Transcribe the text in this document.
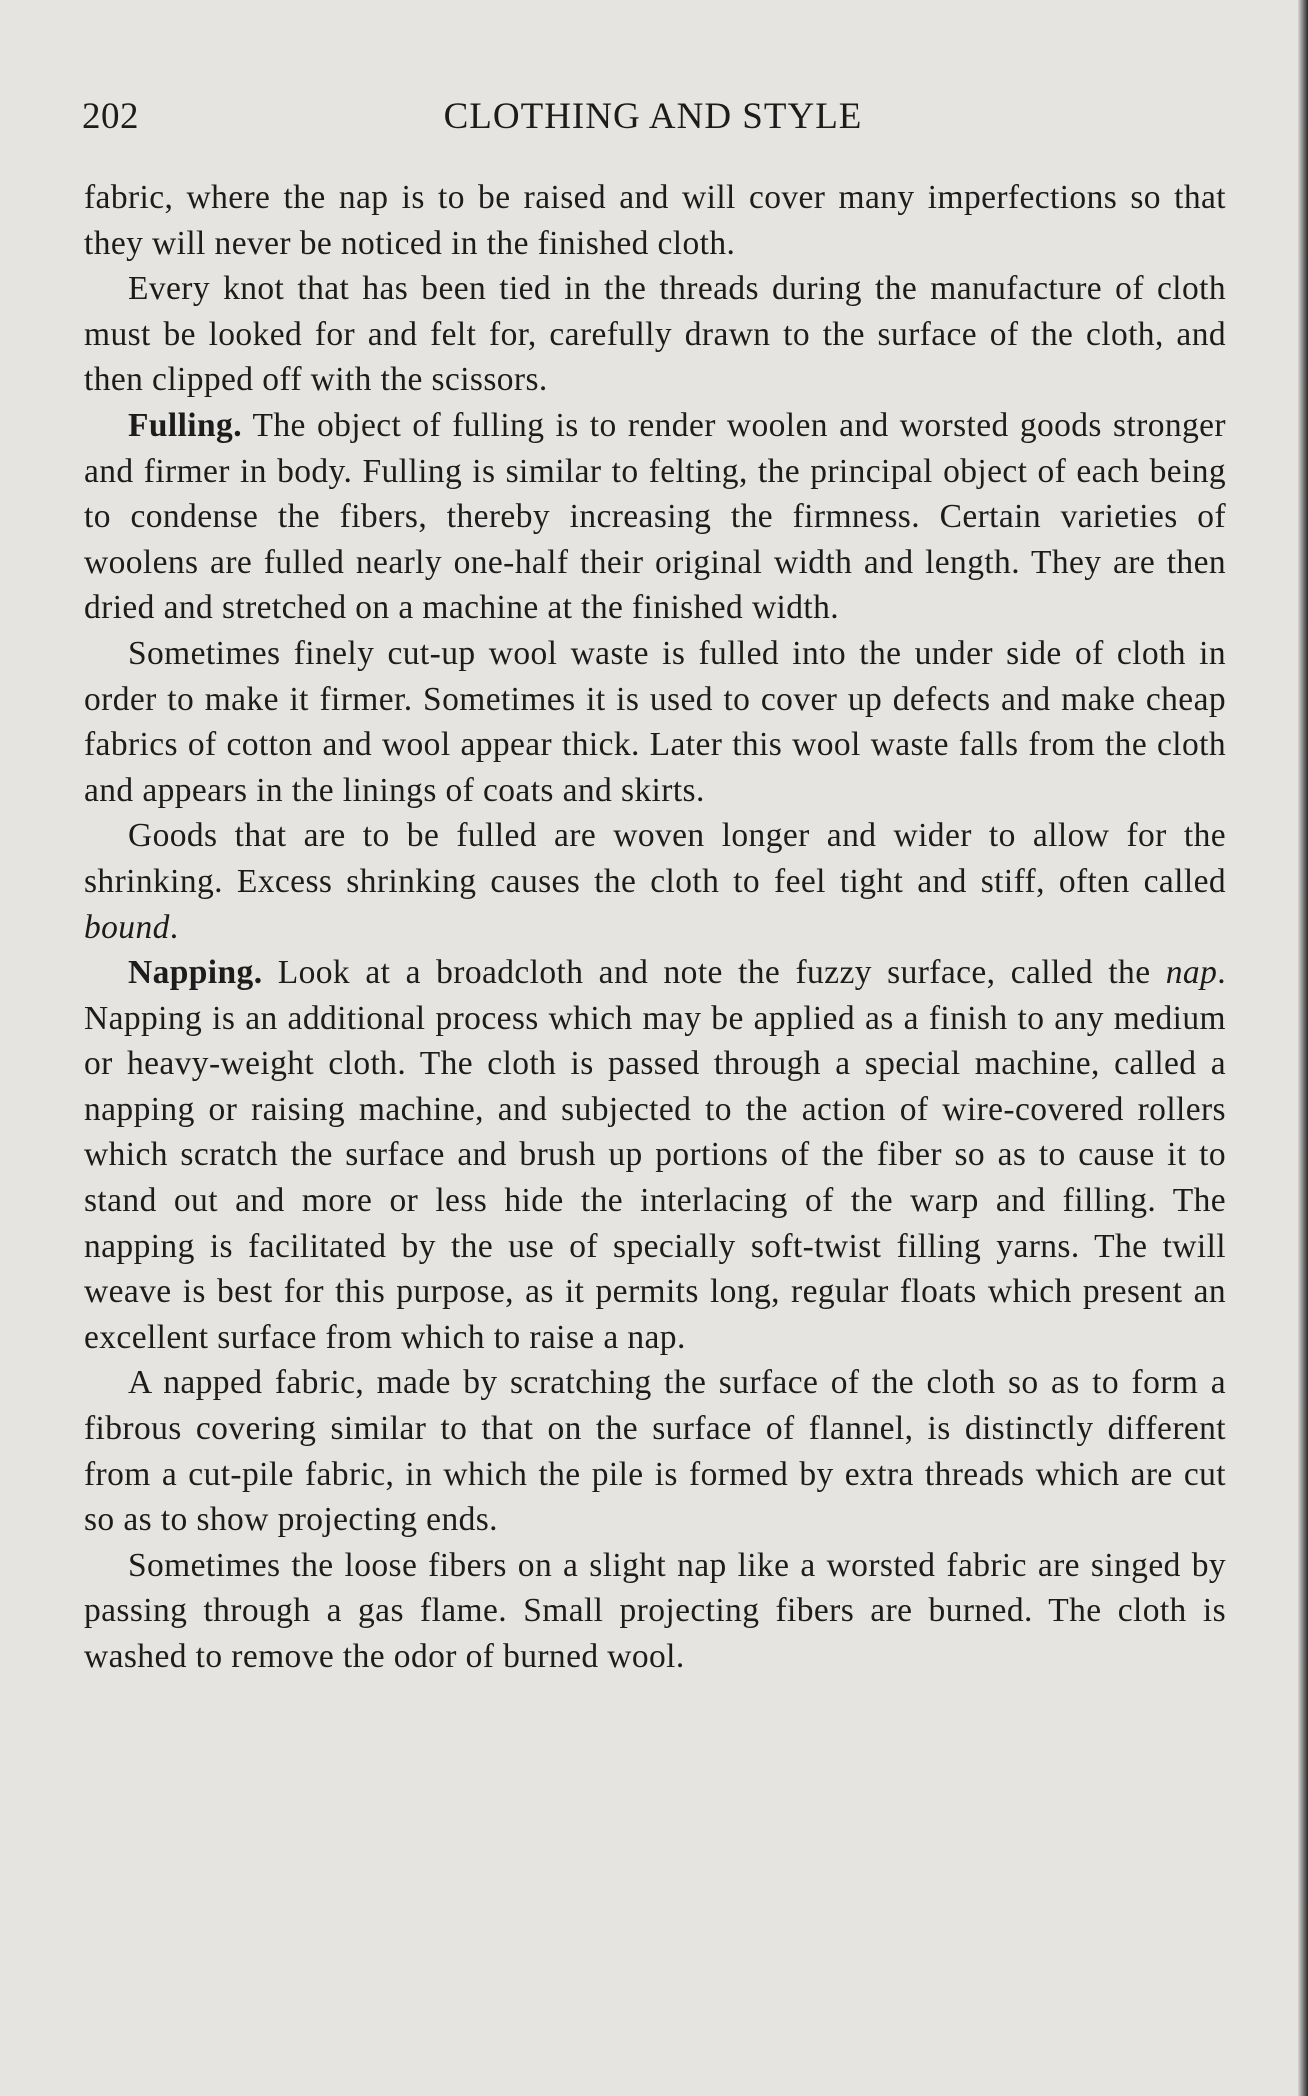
202	CLOTHING AND STYLE

fabric, where the nap is to be raised and will cover many imperfections so that they will never be noticed in the finished cloth.

Every knot that has been tied in the threads during the manufacture of cloth must be looked for and felt for, carefully drawn to the surface of the cloth, and then clipped off with the scissors.

Fulling. The object of fulling is to render woolen and worsted goods stronger and firmer in body. Fulling is similar to felting, the principal object of each being to condense the fibers, thereby increasing the firmness. Certain varieties of woolens are fulled nearly one-half their original width and length. They are then dried and stretched on a machine at the finished width.

Sometimes finely cut-up wool waste is fulled into the under side of cloth in order to make it firmer. Sometimes it is used to cover up defects and make cheap fabrics of cotton and wool appear thick. Later this wool waste falls from the cloth and appears in the linings of coats and skirts.

Goods that are to be fulled are woven longer and wider to allow for the shrinking. Excess shrinking causes the cloth to feel tight and stiff, often called bound.

Napping. Look at a broadcloth and note the fuzzy surface, called the nap. Napping is an additional process which may be applied as a finish to any medium or heavy-weight cloth. The cloth is passed through a special machine, called a napping or raising machine, and subjected to the action of wire-covered rollers which scratch the surface and brush up portions of the fiber so as to cause it to stand out and more or less hide the interlacing of the warp and filling. The napping is facilitated by the use of specially soft-twist filling yarns. The twill weave is best for this purpose, as it permits long, regular floats which present an excellent surface from which to raise a nap.

A napped fabric, made by scratching the surface of the cloth so as to form a fibrous covering similar to that on the surface of flannel, is distinctly different from a cut-pile fabric, in which the pile is formed by extra threads which are cut so as to show projecting ends.

Sometimes the loose fibers on a slight nap like a worsted fabric are singed by passing through a gas flame. Small projecting fibers are burned. The cloth is washed to remove the odor of burned wool.
